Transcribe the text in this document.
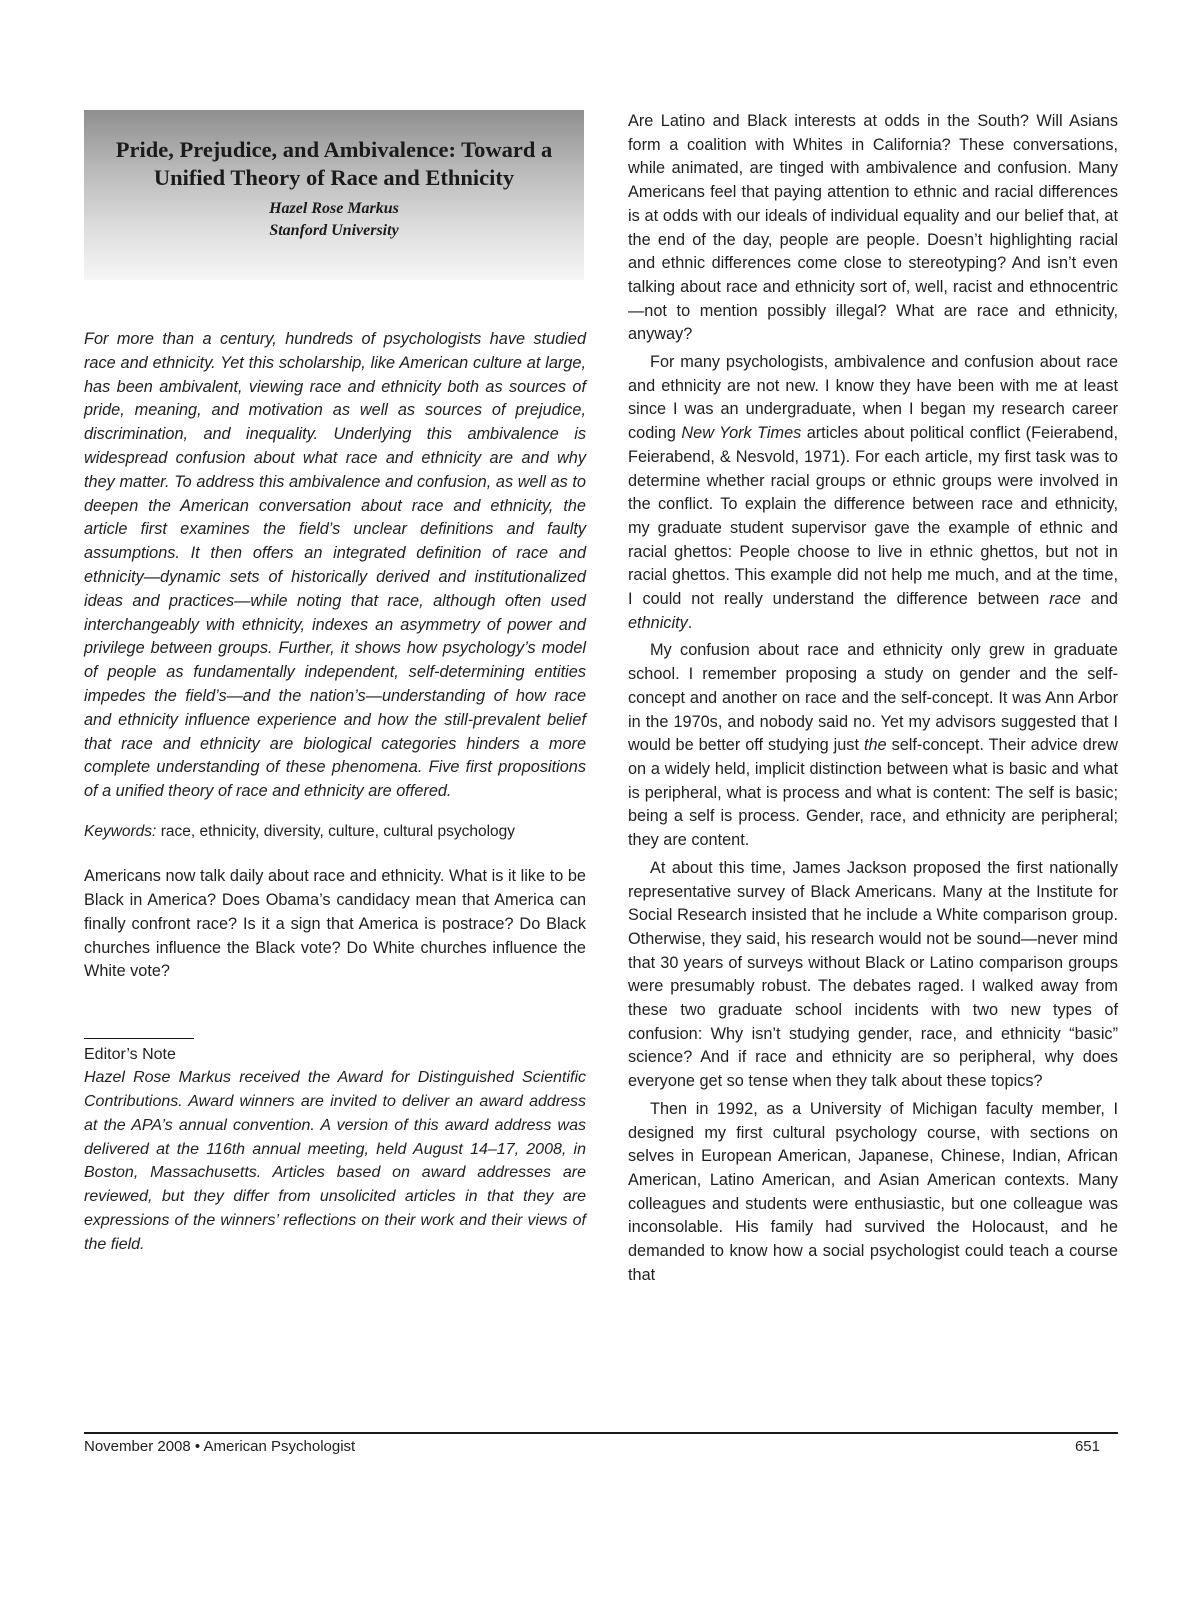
Pride, Prejudice, and Ambivalence: Toward a
Unified Theory of Race and Ethnicity
Hazel Rose Markus
Stanford University

For more than a century, hundreds of psychologists have studied race and ethnicity. Yet this scholarship, like American culture at large, has been ambivalent, viewing race and ethnicity both as sources of pride, meaning, and motivation as well as sources of prejudice, discrimination, and inequality. Underlying this ambivalence is widespread confusion about what race and ethnicity are and why they matter. To address this ambivalence and confusion, as well as to deepen the American conversation about race and ethnicity, the article first examines the field’s unclear definitions and faulty assumptions. It then offers an integrated definition of race and ethnicity—dynamic sets of historically derived and institutionalized ideas and practices—while noting that race, although often used interchangeably with ethnicity, indexes an asymmetry of power and privilege between groups. Further, it shows how psychology’s model of people as fundamentally independent, self-determining entities impedes the field’s—and the nation’s—understanding of how race and ethnicity influence experience and how the still-prevalent belief that race and ethnicity are biological categories hinders a more complete understanding of these phenomena. Five first propositions of a unified theory of race and ethnicity are offered.

Keywords: race, ethnicity, diversity, culture, cultural psychology

Americans now talk daily about race and ethnicity. What is it like to be Black in America? Does Obama’s candidacy mean that America can finally confront race? Is it a sign that America is postrace? Do Black churches influence the Black vote? Do White churches influence the White vote?

Editor’s Note
Hazel Rose Markus received the Award for Distinguished Scientific Contributions. Award winners are invited to deliver an award address at the APA’s annual convention. A version of this award address was delivered at the 116th annual meeting, held August 14–17, 2008, in Boston, Massachusetts. Articles based on award addresses are reviewed, but they differ from unsolicited articles in that they are expressions of the winners’ reflections on their work and their views of the field.

Are Latino and Black interests at odds in the South? Will Asians form a coalition with Whites in California? These conversations, while animated, are tinged with ambivalence and confusion. Many Americans feel that paying attention to ethnic and racial differences is at odds with our ideals of individual equality and our belief that, at the end of the day, people are people. Doesn’t highlighting racial and ethnic differences come close to stereotyping? And isn’t even talking about race and ethnicity sort of, well, racist and ethnocentric—not to mention possibly illegal? What are race and ethnicity, anyway?

For many psychologists, ambivalence and confusion about race and ethnicity are not new. I know they have been with me at least since I was an undergraduate, when I began my research career coding New York Times articles about political conflict (Feierabend, Feierabend, & Nesvold, 1971). For each article, my first task was to determine whether racial groups or ethnic groups were involved in the conflict. To explain the difference between race and ethnicity, my graduate student supervisor gave the example of ethnic and racial ghettos: People choose to live in ethnic ghettos, but not in racial ghettos. This example did not help me much, and at the time, I could not really understand the difference between race and ethnicity.

My confusion about race and ethnicity only grew in graduate school. I remember proposing a study on gender and the self-concept and another on race and the self-concept. It was Ann Arbor in the 1970s, and nobody said no. Yet my advisors suggested that I would be better off studying just the self-concept. Their advice drew on a widely held, implicit distinction between what is basic and what is peripheral, what is process and what is content: The self is basic; being a self is process. Gender, race, and ethnicity are peripheral; they are content.

At about this time, James Jackson proposed the first nationally representative survey of Black Americans. Many at the Institute for Social Research insisted that he include a White comparison group. Otherwise, they said, his research would not be sound—never mind that 30 years of surveys without Black or Latino comparison groups were presumably robust. The debates raged. I walked away from these two graduate school incidents with two new types of confusion: Why isn’t studying gender, race, and ethnicity “basic” science? And if race and ethnicity are so peripheral, why does everyone get so tense when they talk about these topics?

Then in 1992, as a University of Michigan faculty member, I designed my first cultural psychology course, with sections on selves in European American, Japanese, Chinese, Indian, African American, Latino American, and Asian American contexts. Many colleagues and students were enthusiastic, but one colleague was inconsolable. His family had survived the Holocaust, and he demanded to know how a social psychologist could teach a course that

November 2008 • American Psychologist	651
